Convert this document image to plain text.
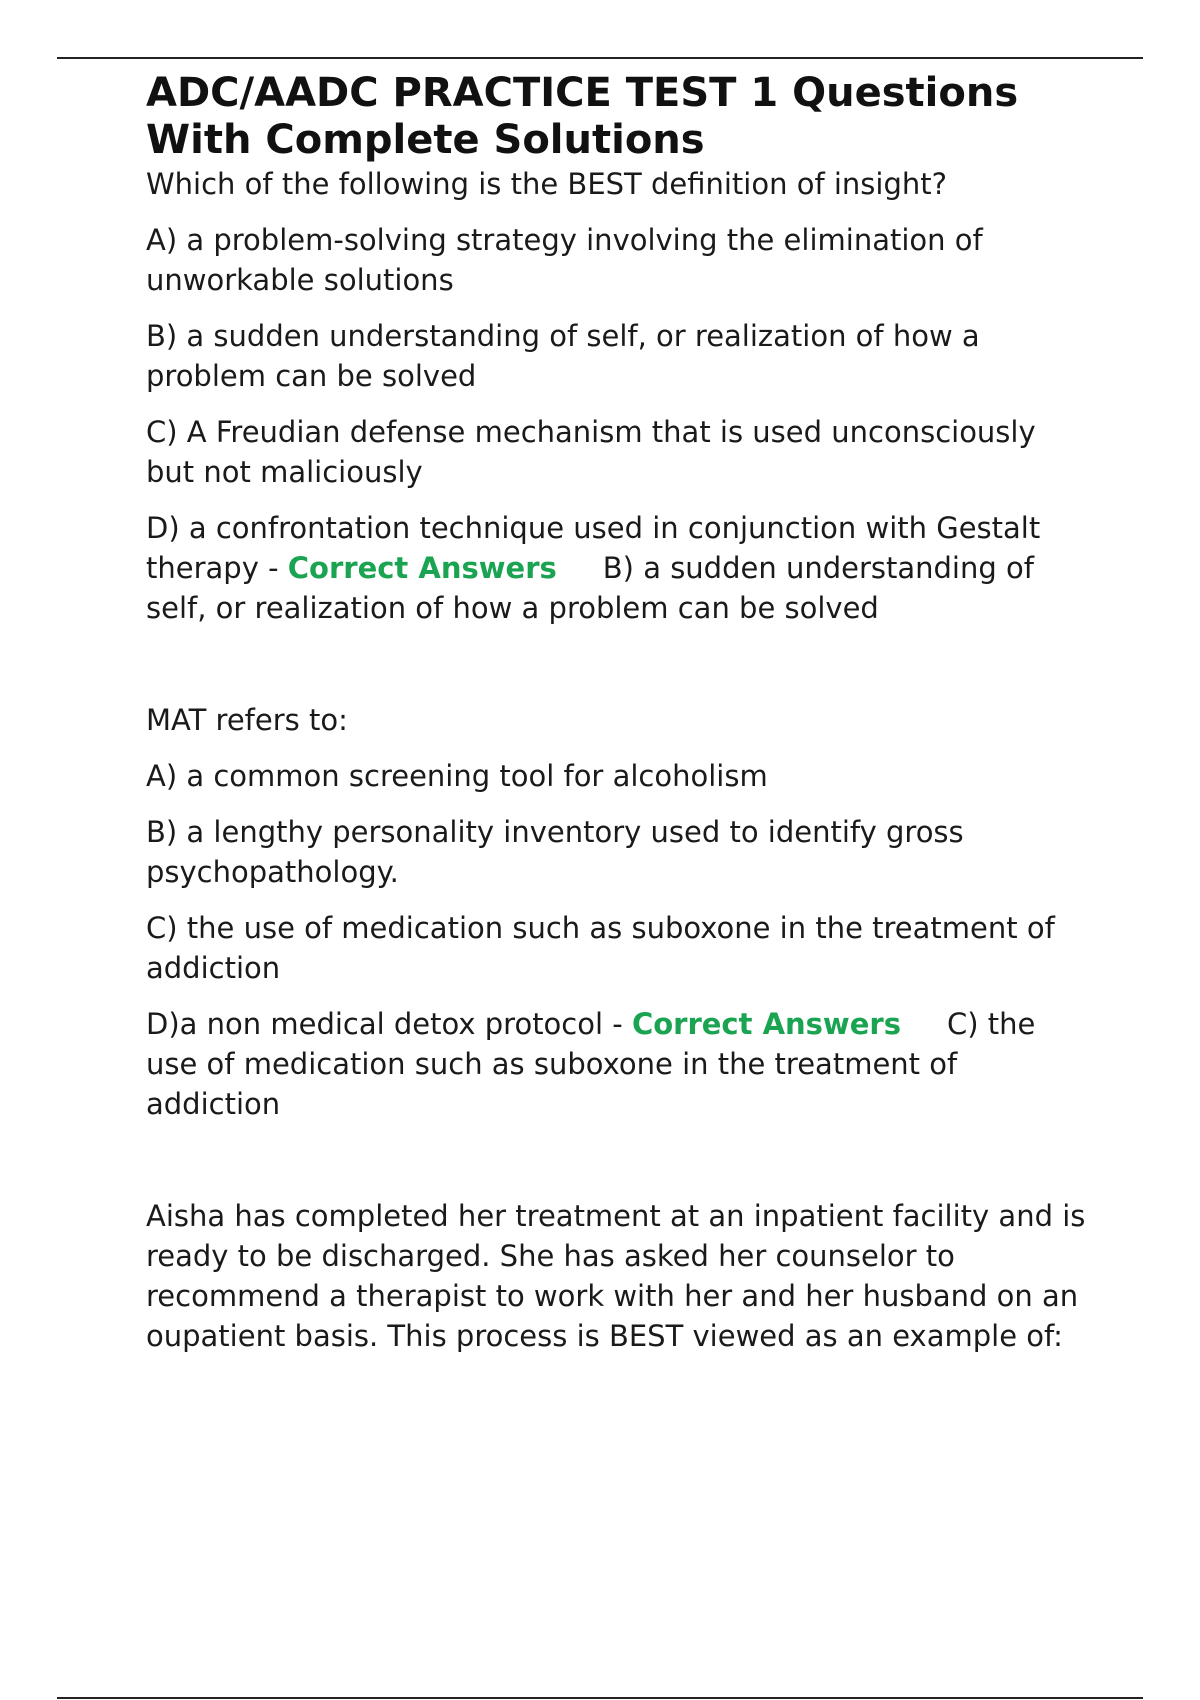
ADC/AADC PRACTICE TEST 1 Questions With Complete Solutions

Which of the following is the BEST definition of insight?

A) a problem-solving strategy involving the elimination of unworkable solutions

B) a sudden understanding of self, or realization of how a problem can be solved

C) A Freudian defense mechanism that is used unconsciously but not maliciously

D) a confrontation technique used in conjunction with Gestalt therapy - Correct Answers B) a sudden understanding of self, or realization of how a problem can be solved

MAT refers to:

A) a common screening tool for alcoholism

B) a lengthy personality inventory used to identify gross psychopathology.

C) the use of medication such as suboxone in the treatment of addiction

D)a non medical detox protocol - Correct Answers C) the use of medication such as suboxone in the treatment of addiction

Aisha has completed her treatment at an inpatient facility and is ready to be discharged. She has asked her counselor to recommend a therapist to work with her and her husband on an oupatient basis. This process is BEST viewed as an example of:
